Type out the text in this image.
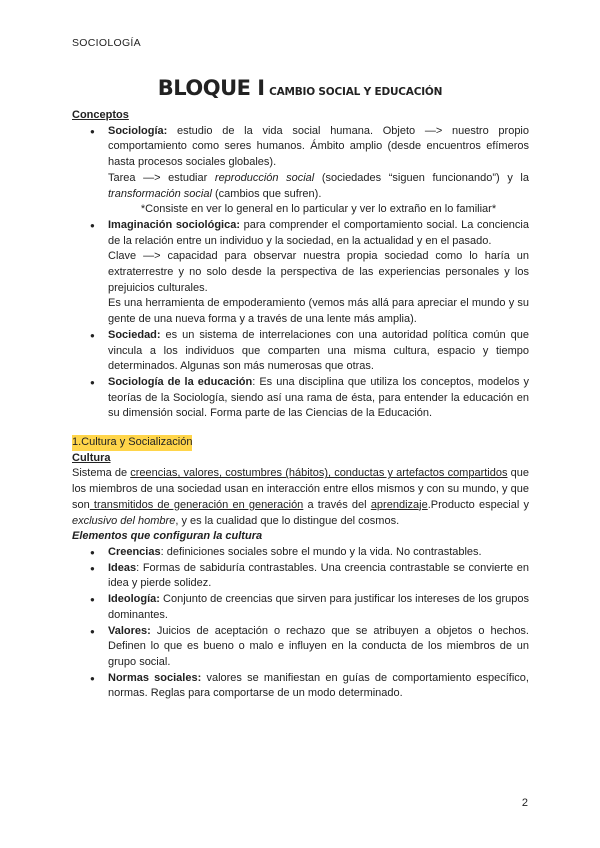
SOCIOLOGÍA
BLOQUE I CAMBIO SOCIAL Y EDUCACIÓN

Conceptos

● Sociología: estudio de la vida social humana. Objeto —> nuestro propio comportamiento como seres humanos. Ámbito amplio (desde encuentros efímeros hasta procesos sociales globales).
Tarea —> estudiar reproducción social (sociedades “siguen funcionando”) y la transformación social (cambios que sufren).
*Consiste en ver lo general en lo particular y ver lo extraño en lo familiar*
● Imaginación sociológica: para comprender el comportamiento social. La conciencia de la relación entre un individuo y la sociedad, en la actualidad y en el pasado.
Clave —> capacidad para observar nuestra propia sociedad como lo haría un extraterrestre y no solo desde la perspectiva de las experiencias personales y los prejuicios culturales.
Es una herramienta de empoderamiento (vemos más allá para apreciar el mundo y su gente de una nueva forma y a través de una lente más amplia).
● Sociedad: es un sistema de interrelaciones con una autoridad política común que vincula a los individuos que comparten una misma cultura, espacio y tiempo determinados. Algunas son más numerosas que otras.
● Sociología de la educación: Es una disciplina que utiliza los conceptos, modelos y teorías de la Sociología, siendo así una rama de ésta, para entender la educación en su dimensión social. Forma parte de las Ciencias de la Educación.
1.Cultura y Socialización

Cultura

Sistema de creencias, valores, costumbres (hábitos), conductas y artefactos compartidos que los miembros de una sociedad usan en interacción entre ellos mismos y con su mundo, y que son transmitidos de generación en generación a través del aprendizaje.Producto especial y exclusivo del hombre, y es la cualidad que lo distingue del cosmos.

Elementos que configuran la cultura

● Creencias: definiciones sociales sobre el mundo y la vida. No contrastables.
● Ideas: Formas de sabiduría contrastables. Una creencia contrastable se convierte en idea y pierde solidez.
● Ideología: Conjunto de creencias que sirven para justificar los intereses de los grupos dominantes.
● Valores: Juicios de aceptación o rechazo que se atribuyen a objetos o hechos. Definen lo que es bueno o malo e influyen en la conducta de los miembros de un grupo social.
● Normas sociales: valores se manifiestan en guías de comportamiento específico, normas. Reglas para comportarse de un modo determinado.
2
